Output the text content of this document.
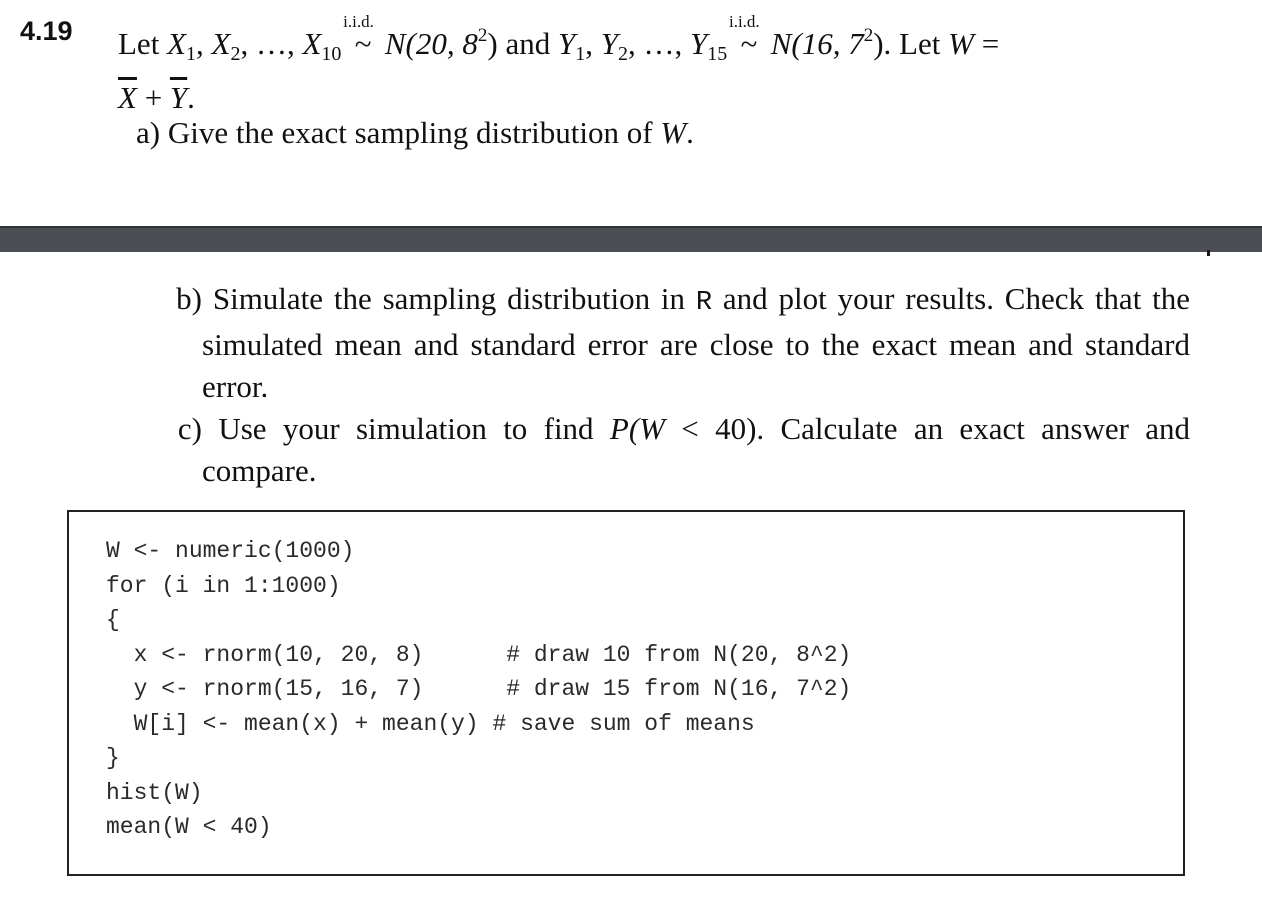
4.19 Let $X_1$, $X_2$, …, $X_{10}$
i.i.d.
~ N(20, $8^2$) and $Y_1$, $Y_2$, …, $Y_{15}$
i.i.d.
~ N(16, $7^2$). Let W =
$\overline{X} + \overline{Y}$.
a) Give the exact sampling distribution of W.
b) Simulate the sampling distribution in R and plot your results. Check that the simulated mean and standard error are close to the exact mean and standard error.
c) Use your simulation to find P(W < 40). Calculate an exact answer and compare.
W <- numeric(1000)
for (i in 1:1000)
{
x <- rnorm(10, 20, 8)      # draw 10 from N(20, 8^2)
y <- rnorm(15, 16, 7)      # draw 15 from N(16, 7^2)
W[i] <- mean(x) + mean(y) # save sum of means
}
hist(W)
mean(W < 40)
